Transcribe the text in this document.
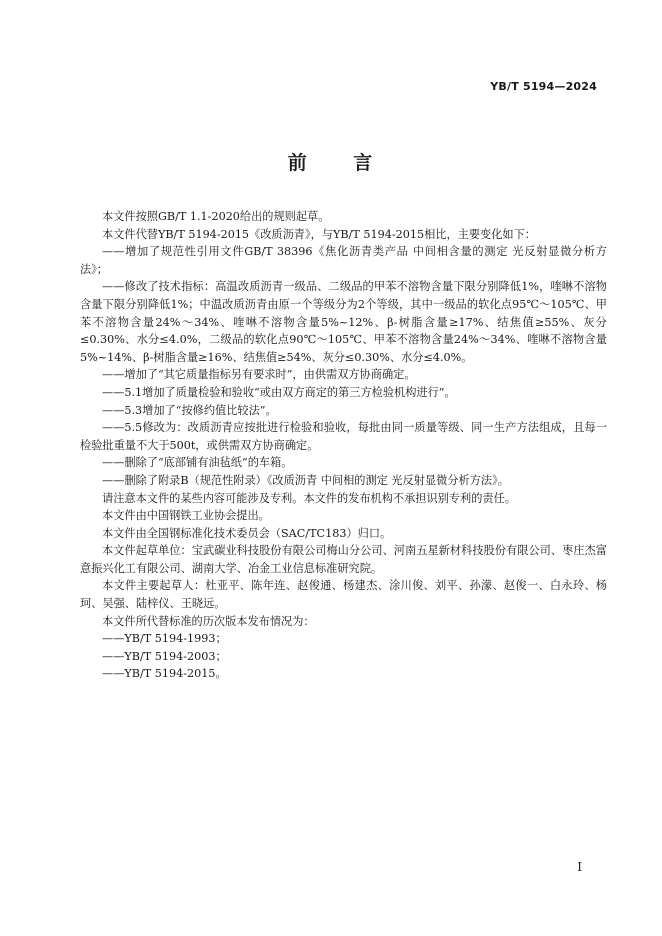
YB/T 5194—2024
前 言

本文件按照GB/T 1.1-2020给出的规则起草。

本文件代替YB/T 5194-2015《改质沥青》，与YB/T 5194-2015相比，主要变化如下：

——增加了规范性引用文件GB/T 38396《焦化沥青类产品 中间相含量的测定 光反射显微分析方法》；

——修改了技术指标：高温改质沥青一级品、二级品的甲苯不溶物含量下限分别降低1%，喹啉不溶物含量下限分别降低1%；中温改质沥青由原一个等级分为2个等级，其中一级品的软化点95℃～105℃、甲苯不溶物含量24%～34%、喹啉不溶物含量5%~12%、β-树脂含量≥17%、结焦值≥55%、灰分≤0.30%、水分≤4.0%，二级品的软化点90℃～105℃、甲苯不溶物含量24%～34%、喹啉不溶物含量5%~14%、β-树脂含量≥16%、结焦值≥54%、灰分≤0.30%、水分≤4.0%。

——增加了“其它质量指标另有要求时”，由供需双方协商确定。

——5.1增加了质量检验和验收“或由双方商定的第三方检验机构进行”。

——5.3增加了“按修约值比较法”。

——5.5修改为：改质沥青应按批进行检验和验收，每批由同一质量等级、同一生产方法组成，且每一检验批重量不大于500t，或供需双方协商确定。

——删除了“底部铺有油毡纸”的车箱。

——删除了附录B（规范性附录）《改质沥青 中间相的测定 光反射显微分析方法》。

请注意本文件的某些内容可能涉及专利。本文件的发布机构不承担识别专利的责任。

本文件由中国钢铁工业协会提出。

本文件由全国钢标准化技术委员会（SAC/TC183）归口。

本文件起草单位：宝武碳业科技股份有限公司梅山分公司、河南五星新材科技股份有限公司、枣庄杰富意振兴化工有限公司、湖南大学、冶金工业信息标准研究院。

本文件主要起草人：杜亚平、陈年连、赵俊通、杨建杰、涂川俊、刘平、孙濛、赵俊一、白永玲、杨珂、吴强、陆梓仪、王晓远。

本文件所代替标准的历次版本发布情况为：

——YB/T 5194-1993；

——YB/T 5194-2003；

——YB/T 5194-2015。

I
